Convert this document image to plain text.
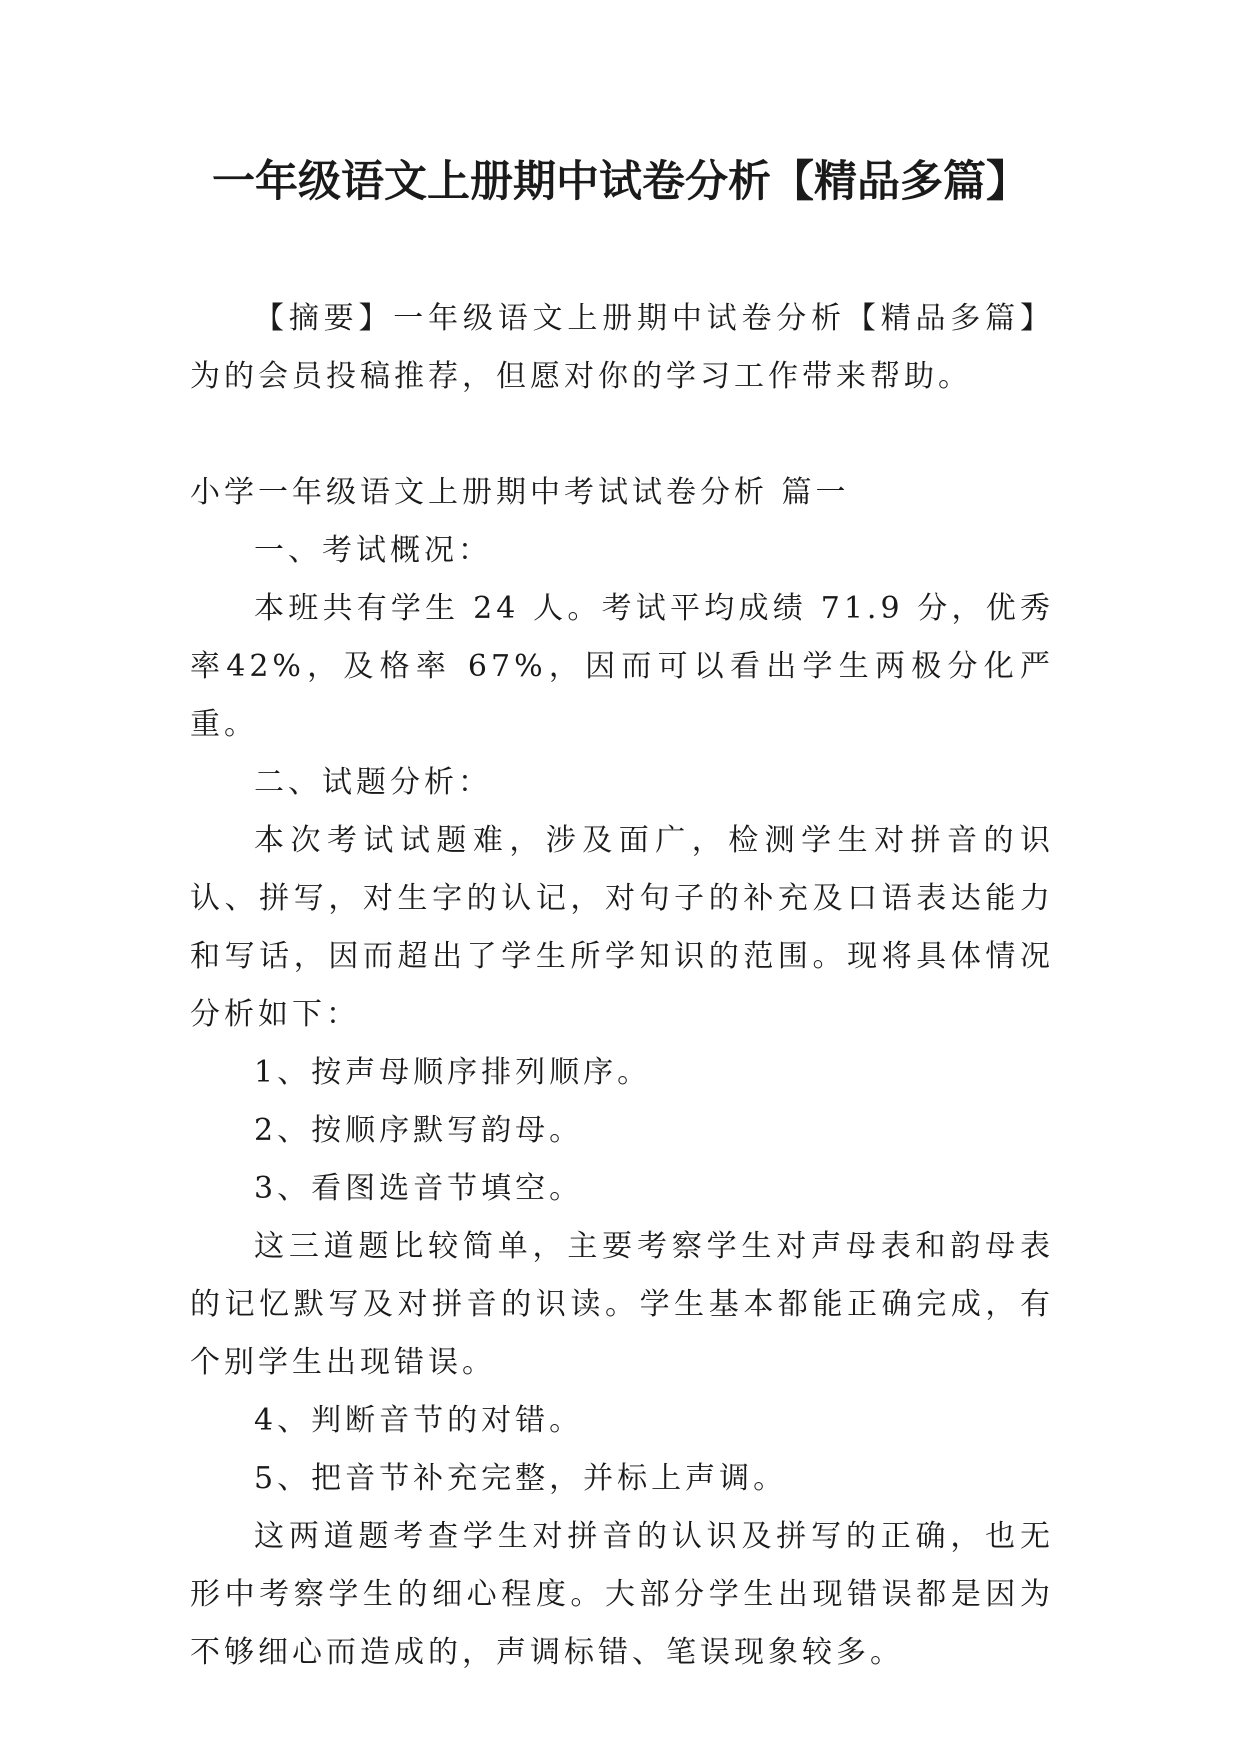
一年级语文上册期中试卷分析【精品多篇】

【摘要】一年级语文上册期中试卷分析【精品多篇】为的会员投稿推荐，但愿对你的学习工作带来帮助。

小学一年级语文上册期中考试试卷分析 篇一

一、考试概况：

本班共有学生 24 人。考试平均成绩 71.9 分，优秀率42%，及格率 67%，因而可以看出学生两极分化严重。

二、试题分析：

本次考试试题难，涉及面广，检测学生对拼音的识认、拼写，对生字的认记，对句子的补充及口语表达能力和写话，因而超出了学生所学知识的范围。现将具体情况分析如下：

1、按声母顺序排列顺序。

2、按顺序默写韵母。

3、看图选音节填空。

这三道题比较简单，主要考察学生对声母表和韵母表的记忆默写及对拼音的识读。学生基本都能正确完成，有个别学生出现错误。

4、判断音节的对错。

5、把音节补充完整，并标上声调。

这两道题考查学生对拼音的认识及拼写的正确，也无形中考察学生的细心程度。大部分学生出现错误都是因为不够细心而造成的，声调标错、笔误现象较多。
